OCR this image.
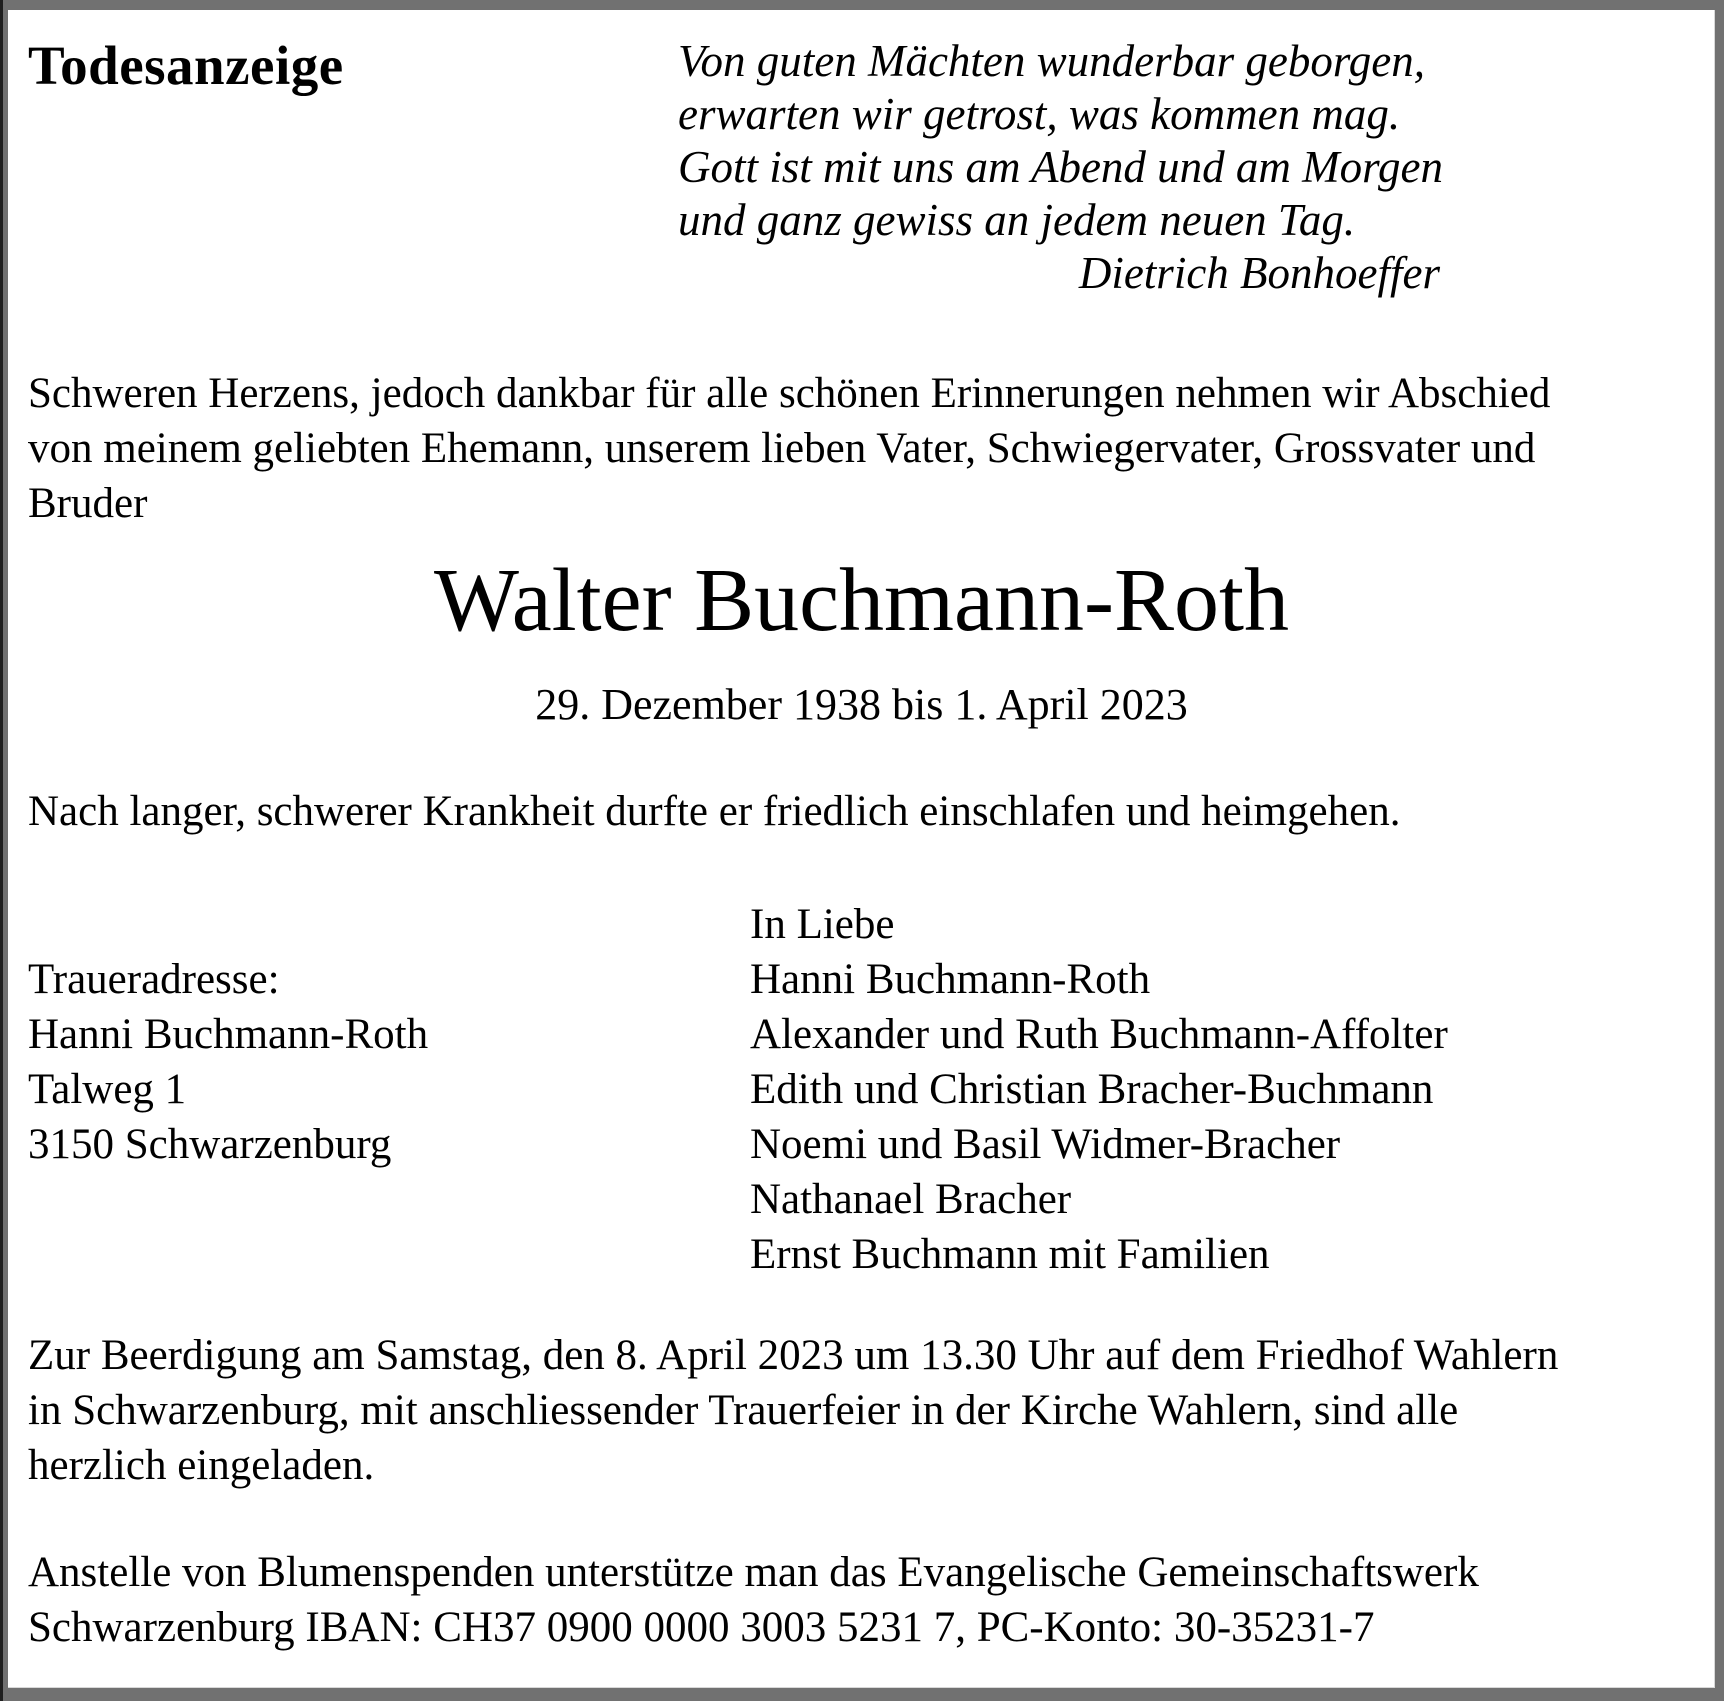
Todesanzeige	Von guten Mächten wunderbar geborgen,
erwarten wir getrost, was kommen mag.
Gott ist mit uns am Abend und am Morgen
und ganz gewiss an jedem neuen Tag.
Dietrich Bonhoeffer
Schweren Herzens, jedoch dankbar für alle schönen Erinnerungen nehmen wir Abschied
von meinem geliebten Ehemann, unserem lieben Vater, Schwiegervater, Grossvater und
Bruder
Walter Buchmann-Roth
29. Dezember 1938 bis 1. April 2023
Nach langer, schwerer Krankheit durfte er friedlich einschlafen und heimgehen.
Traueradresse:
Hanni Buchmann-Roth
Talweg 1
3150 Schwarzenburg
In Liebe
Hanni Buchmann-Roth
Alexander und Ruth Buchmann-Affolter
Edith und Christian Bracher-Buchmann
Noemi und Basil Widmer-Bracher
Nathanael Bracher
Ernst Buchmann mit Familien
Zur Beerdigung am Samstag, den 8. April 2023 um 13.30 Uhr auf dem Friedhof Wahlern
in Schwarzenburg, mit anschliessender Trauerfeier in der Kirche Wahlern, sind alle
herzlich eingeladen.
Anstelle von Blumenspenden unterstütze man das Evangelische Gemeinschaftswerk
Schwarzenburg IBAN: CH37 0900 0000 3003 5231 7, PC-Konto: 30-35231-7
